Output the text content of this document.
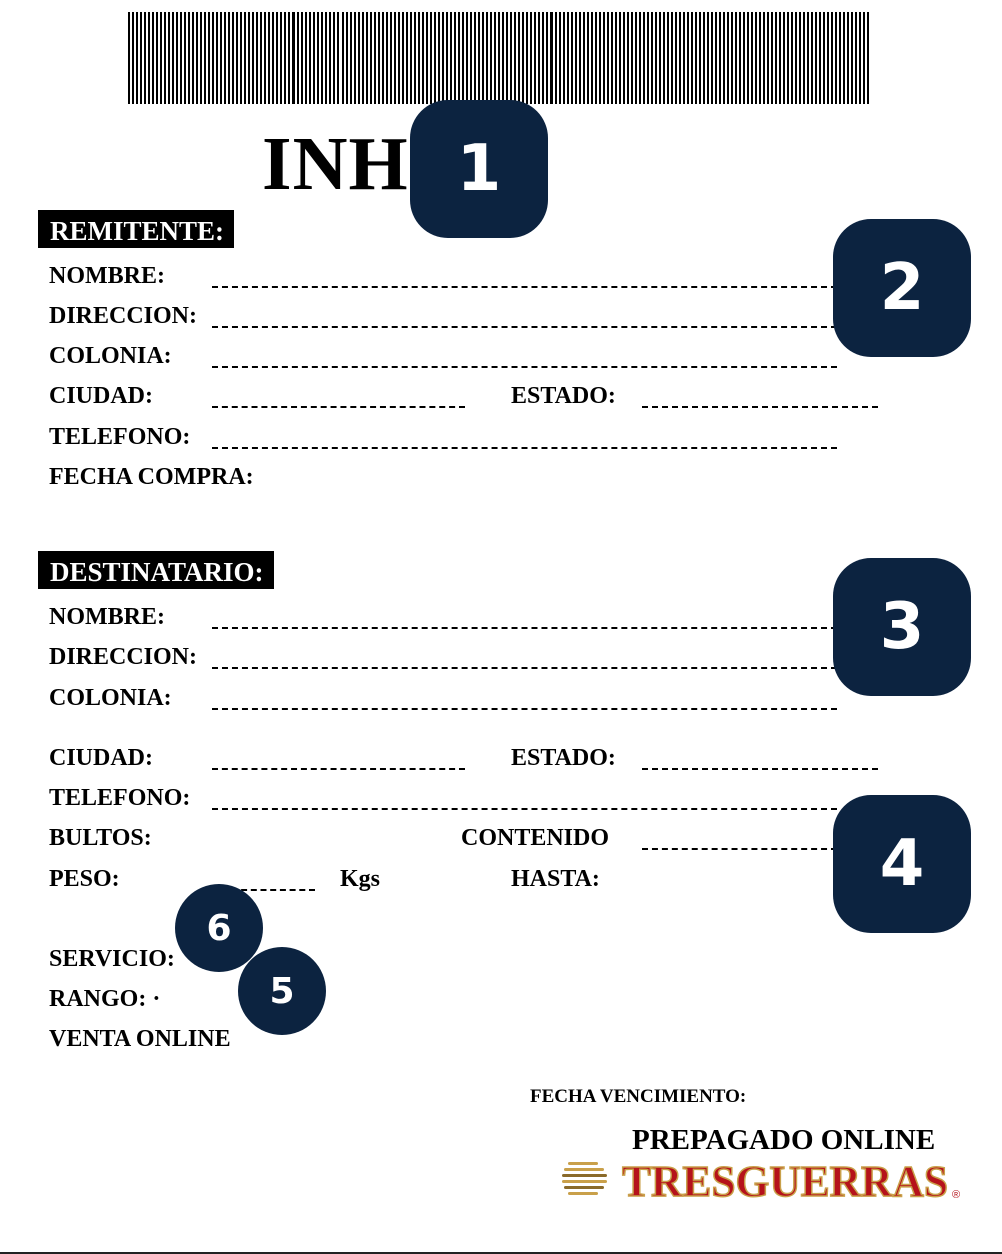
INH
REMITENTE:
NOMBRE:
DIRECCION:
COLONIA:
CIUDAD:	ESTADO:
TELEFONO:
FECHA COMPRA:
DESTINATARIO:
NOMBRE:
DIRECCION:
COLONIA:
CIUDAD:	ESTADO:
TELEFONO:
BULTOS:	CONTENIDO
PESO:	Kgs	HASTA:
SERVICIO:
RANGO: ·
VENTA ONLINE
FECHA VENCIMIENTO:
PREPAGADO ONLINE
TRESGUERRAS ®
1
2
3
4
5
6
